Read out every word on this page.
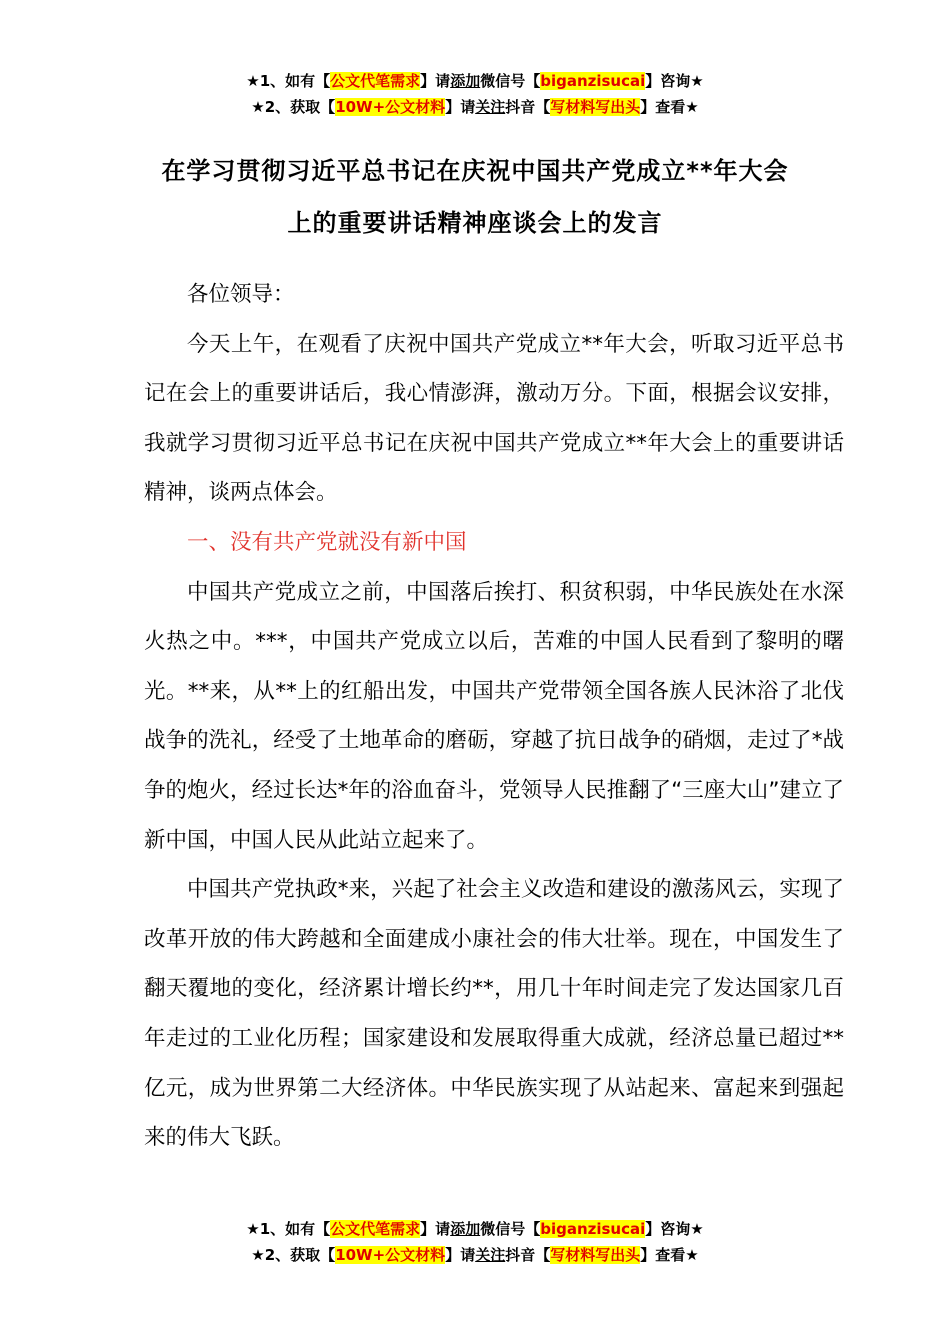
★1、如有【公文代笔需求】请添加微信号【biganzisucai】咨询★
★2、获取【10W+公文材料】请关注抖音【写材料写出头】查看★
在学习贯彻习近平总书记在庆祝中国共产党成立**年大会
上的重要讲话精神座谈会上的发言

各位领导：

今天上午，在观看了庆祝中国共产党成立**年大会，听取习近平总书记在会上的重要讲话后，我心情澎湃，激动万分。下面，根据会议安排，我就学习贯彻习近平总书记在庆祝中国共产党成立**年大会上的重要讲话精神，谈两点体会。

一、没有共产党就没有新中国

中国共产党成立之前，中国落后挨打、积贫积弱，中华民族处在水深火热之中。***，中国共产党成立以后，苦难的中国人民看到了黎明的曙光。**来，从**上的红船出发，中国共产党带领全国各族人民沐浴了北伐战争的洗礼，经受了土地革命的磨砺，穿越了抗日战争的硝烟，走过了*战争的炮火，经过长达*年的浴血奋斗，党领导人民推翻了“三座大山”建立了新中国，中国人民从此站立起来了。

中国共产党执政*来，兴起了社会主义改造和建设的激荡风云，实现了改革开放的伟大跨越和全面建成小康社会的伟大壮举。现在，中国发生了翻天覆地的变化，经济累计增长约**，用几十年时间走完了发达国家几百年走过的工业化历程；国家建设和发展取得重大成就，经济总量已超过**亿元，成为世界第二大经济体。中华民族实现了从站起来、富起来到强起来的伟大飞跃。

★1、如有【公文代笔需求】请添加微信号【biganzisucai】咨询★
★2、获取【10W+公文材料】请关注抖音【写材料写出头】查看★
